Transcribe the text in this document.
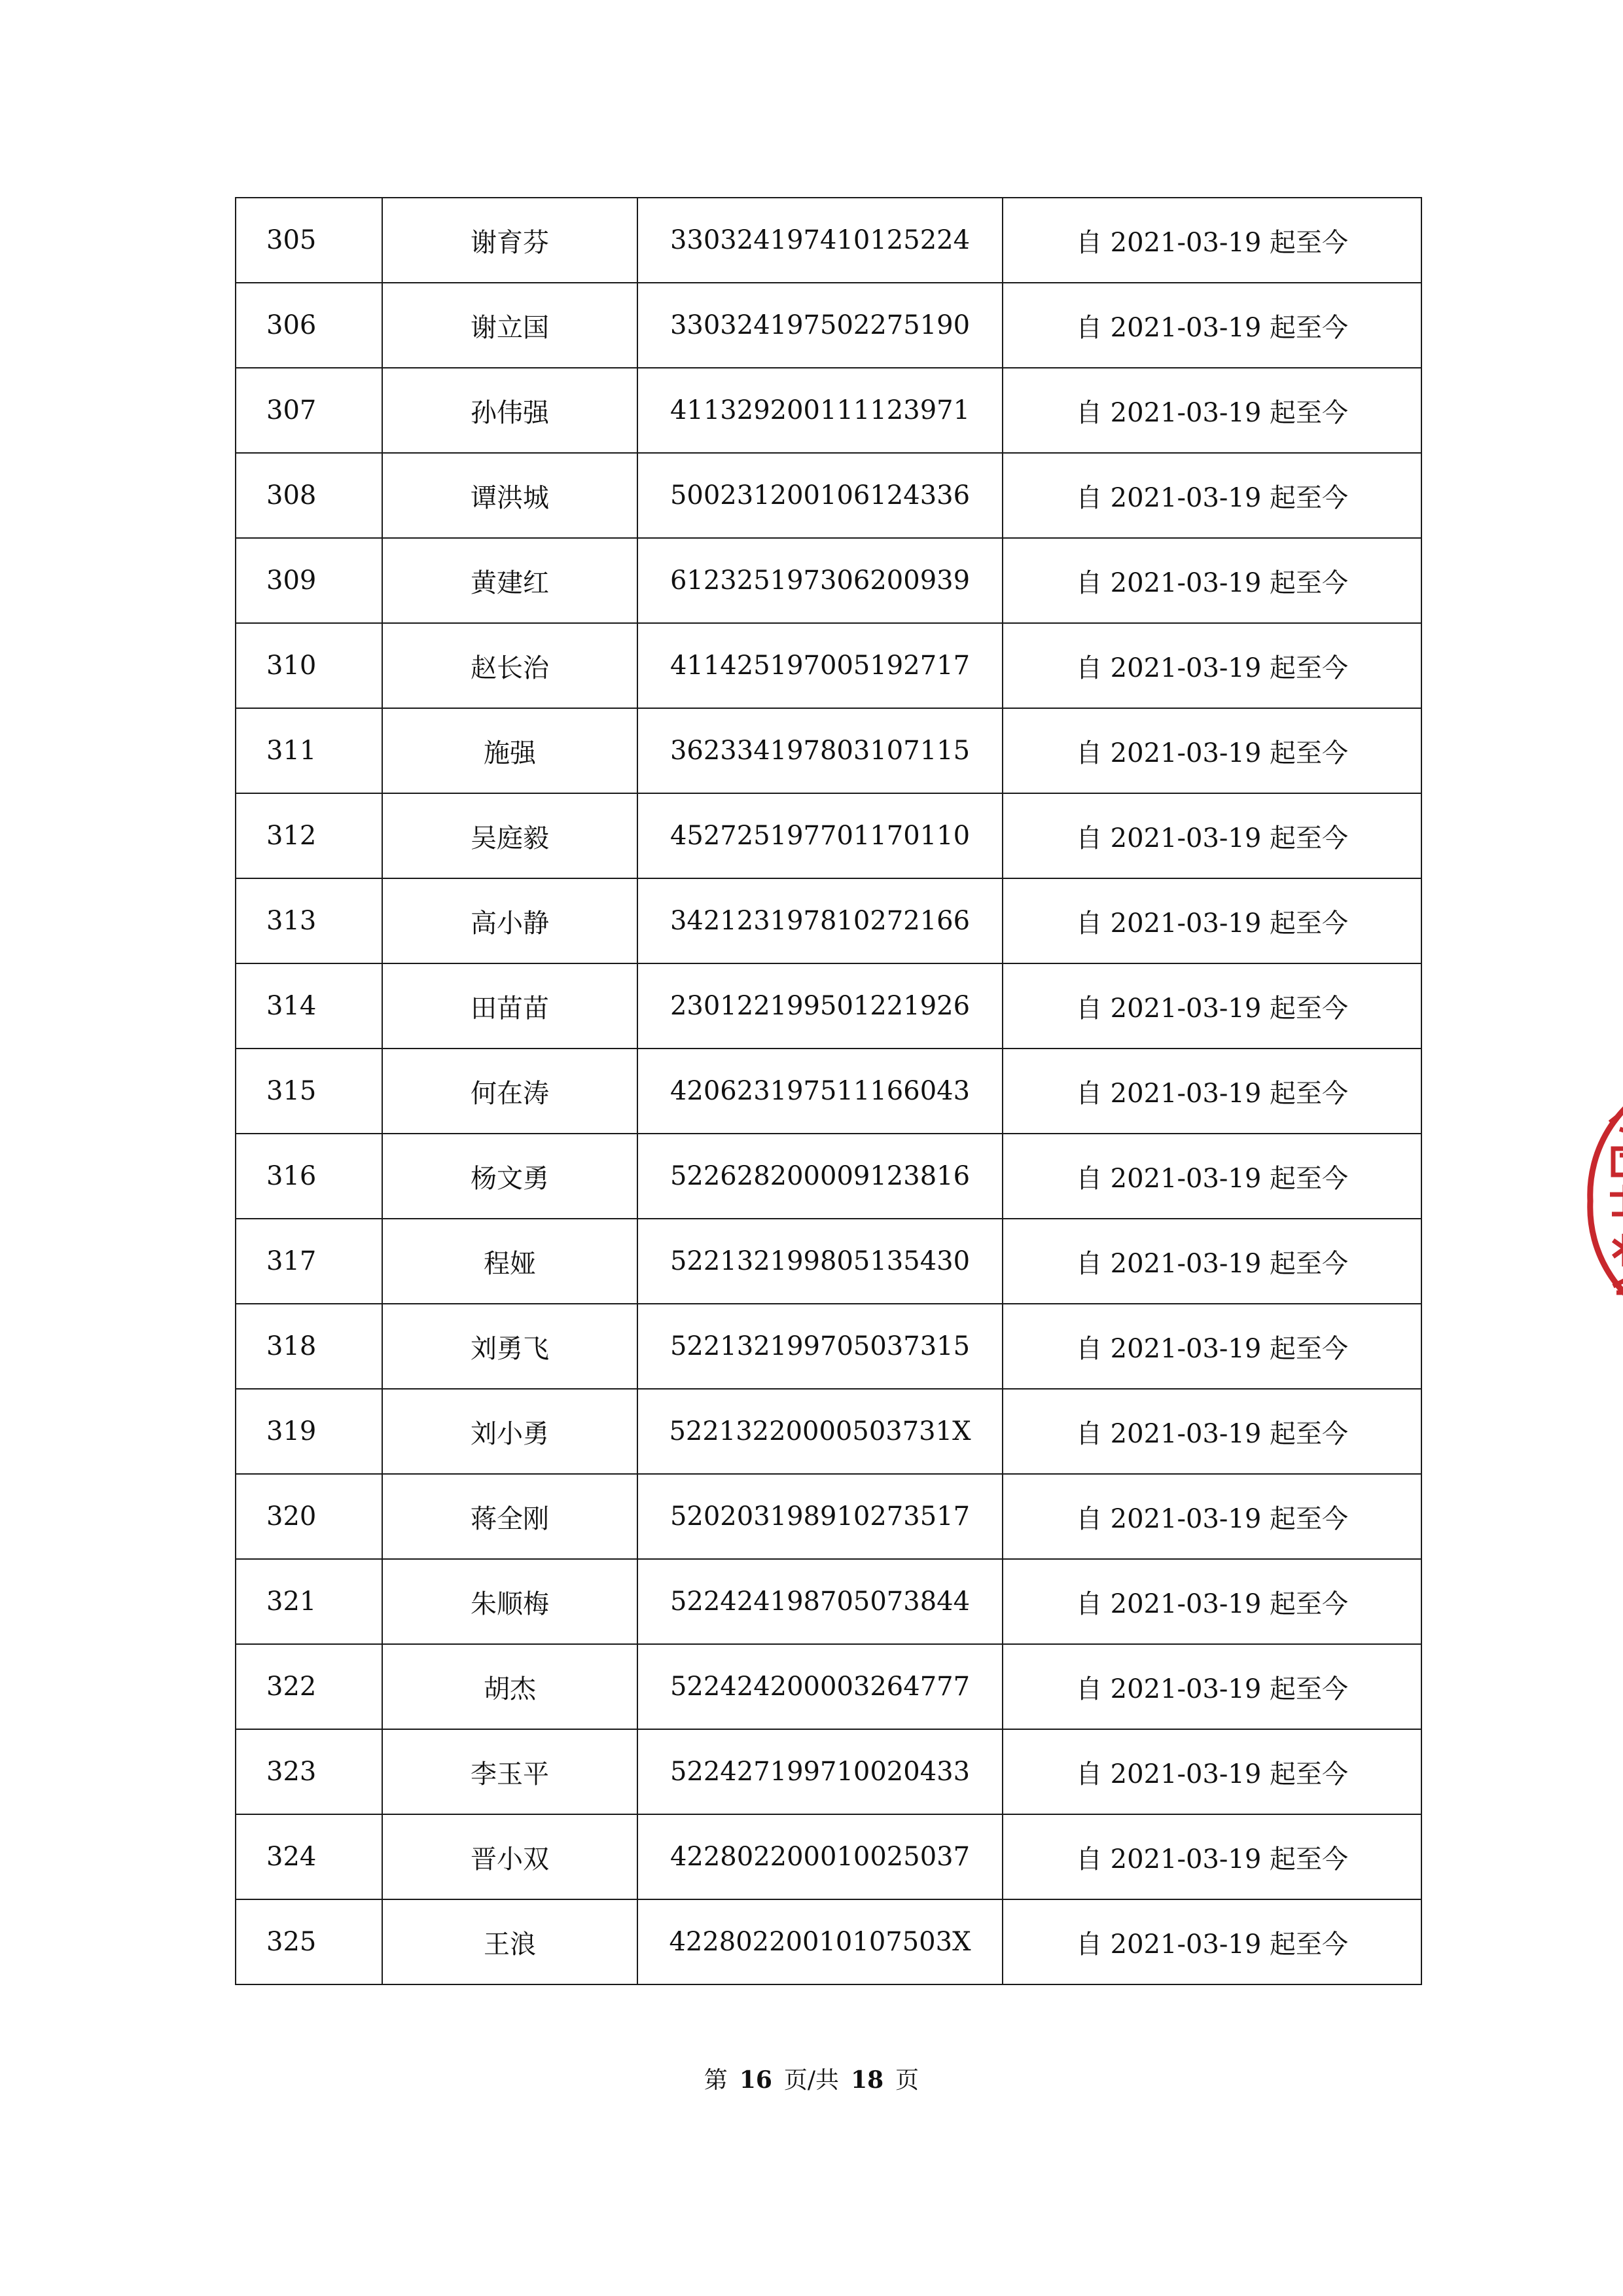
305	谢育芬	330324197410125224	自 2021-03-19 起至今
306	谢立国	330324197502275190	自 2021-03-19 起至今
307	孙伟强	411329200111123971	自 2021-03-19 起至今
308	谭洪城	500231200106124336	自 2021-03-19 起至今
309	黄建红	612325197306200939	自 2021-03-19 起至今
310	赵长治	411425197005192717	自 2021-03-19 起至今
311	施强	362334197803107115	自 2021-03-19 起至今
312	吴庭毅	452725197701170110	自 2021-03-19 起至今
313	高小静	342123197810272166	自 2021-03-19 起至今
314	田苗苗	230122199501221926	自 2021-03-19 起至今
315	何在涛	420623197511166043	自 2021-03-19 起至今
316	杨文勇	522628200009123816	自 2021-03-19 起至今
317	程娅	522132199805135430	自 2021-03-19 起至今
318	刘勇飞	522132199705037315	自 2021-03-19 起至今
319	刘小勇	52213220000503731X	自 2021-03-19 起至今
320	蒋全刚	520203198910273517	自 2021-03-19 起至今
321	朱顺梅	522424198705073844	自 2021-03-19 起至今
322	胡杰	522424200003264777	自 2021-03-19 起至今
323	李玉平	522427199710020433	自 2021-03-19 起至今
324	晋小双	422802200010025037	自 2021-03-19 起至今
325	王浪	42280220010107503X	自 2021-03-19 起至今
第 16 页/共 18 页
